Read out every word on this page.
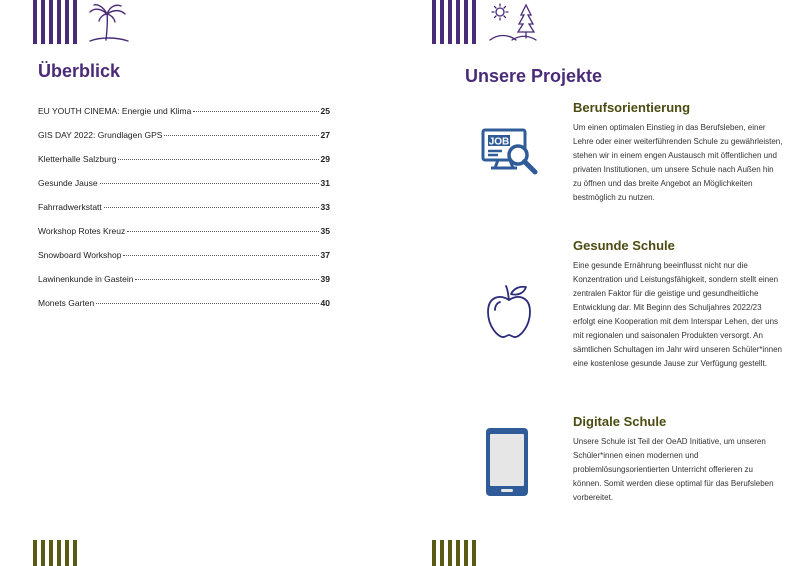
Überblick
EU YOUTH CINEMA: Energie und Klima	25
GIS DAY 2022: Grundlagen GPS	27
Kletterhalle Salzburg	29
Gesunde Jause	31
Fahrradwerkstatt	33
Workshop Rotes Kreuz	35
Snowboard Workshop	37
Lawinenkunde in Gastein	39
Monets Garten	40
Unsere Projekte
JOB
Berufsorientierung

Um einen optimalen Einstieg in das Berufsleben, einer Lehre oder einer weiterführenden Schule zu gewährleisten, stehen wir in einem engen Austausch mit öffentlichen und privaten Institutionen, um unsere Schule nach Außen hin zu öffnen und das breite Angebot an Möglichkeiten bestmöglich zu nutzen.

Gesunde Schule

Eine gesunde Ernährung beeinflusst nicht nur die Konzentration und Leistungsfähigkeit, sondern stellt einen zentralen Faktor für die geistige und gesundheitliche Entwicklung dar. Mit Beginn des Schuljahres 2022/23 erfolgt eine Kooperation mit dem Interspar Lehen, der uns mit regionalen und saisonalen Produkten versorgt. An sämtlichen Schultagen im Jahr wird unseren Schüler*innen eine kostenlose gesunde Jause zur Verfügung gestellt.

Digitale Schule

Unsere Schule ist Teil der OeAD Initiative, um unseren Schüler*innen einen modernen und problemlösungsorientierten Unterricht offerieren zu können. Somit werden diese optimal für das Berufsleben vorbereitet.
